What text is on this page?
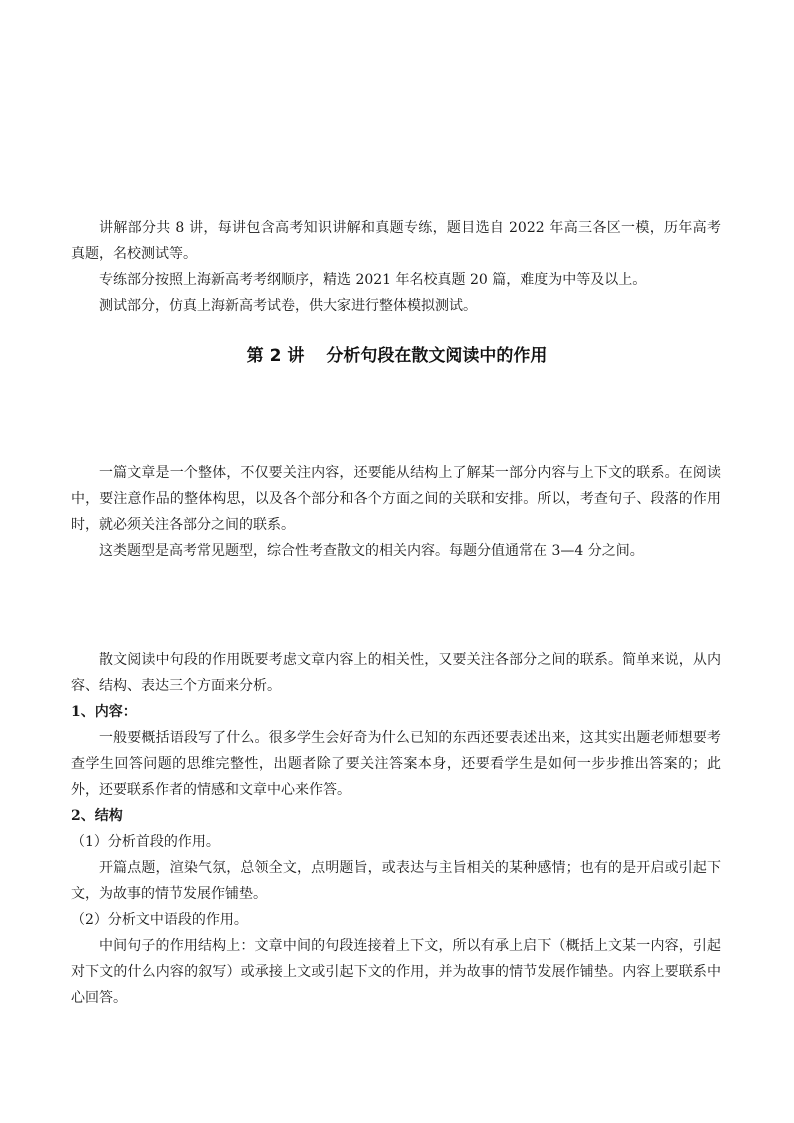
讲解部分共 8 讲，每讲包含高考知识讲解和真题专练，题目选自 2022 年高三各区一模，历年高考真题，名校测试等。

专练部分按照上海新高考考纲顺序，精选 2021 年名校真题 20 篇，难度为中等及以上。

测试部分，仿真上海新高考试卷，供大家进行整体模拟测试。

第 2 讲 分析句段在散文阅读中的作用

一篇文章是一个整体，不仅要关注内容，还要能从结构上了解某一部分内容与上下文的联系。在阅读中，要注意作品的整体构思，以及各个部分和各个方面之间的关联和安排。所以，考查句子、段落的作用时，就必须关注各部分之间的联系。

这类题型是高考常见题型，综合性考查散文的相关内容。每题分值通常在 3—4 分之间。

散文阅读中句段的作用既要考虑文章内容上的相关性，又要关注各部分之间的联系。简单来说，从内容、结构、表达三个方面来分析。

1、内容：

一般要概括语段写了什么。很多学生会好奇为什么已知的东西还要表述出来，这其实出题老师想要考查学生回答问题的思维完整性，出题者除了要关注答案本身，还要看学生是如何一步步推出答案的；此外，还要联系作者的情感和文章中心来作答。

2、结构

（1）分析首段的作用。

开篇点题，渲染气氛，总领全文，点明题旨，或表达与主旨相关的某种感情；也有的是开启或引起下文，为故事的情节发展作铺垫。

（2）分析文中语段的作用。

中间句子的作用结构上：文章中间的句段连接着上下文，所以有承上启下（概括上文某一内容，引起对下文的什么内容的叙写）或承接上文或引起下文的作用，并为故事的情节发展作铺垫。内容上要联系中心回答。
